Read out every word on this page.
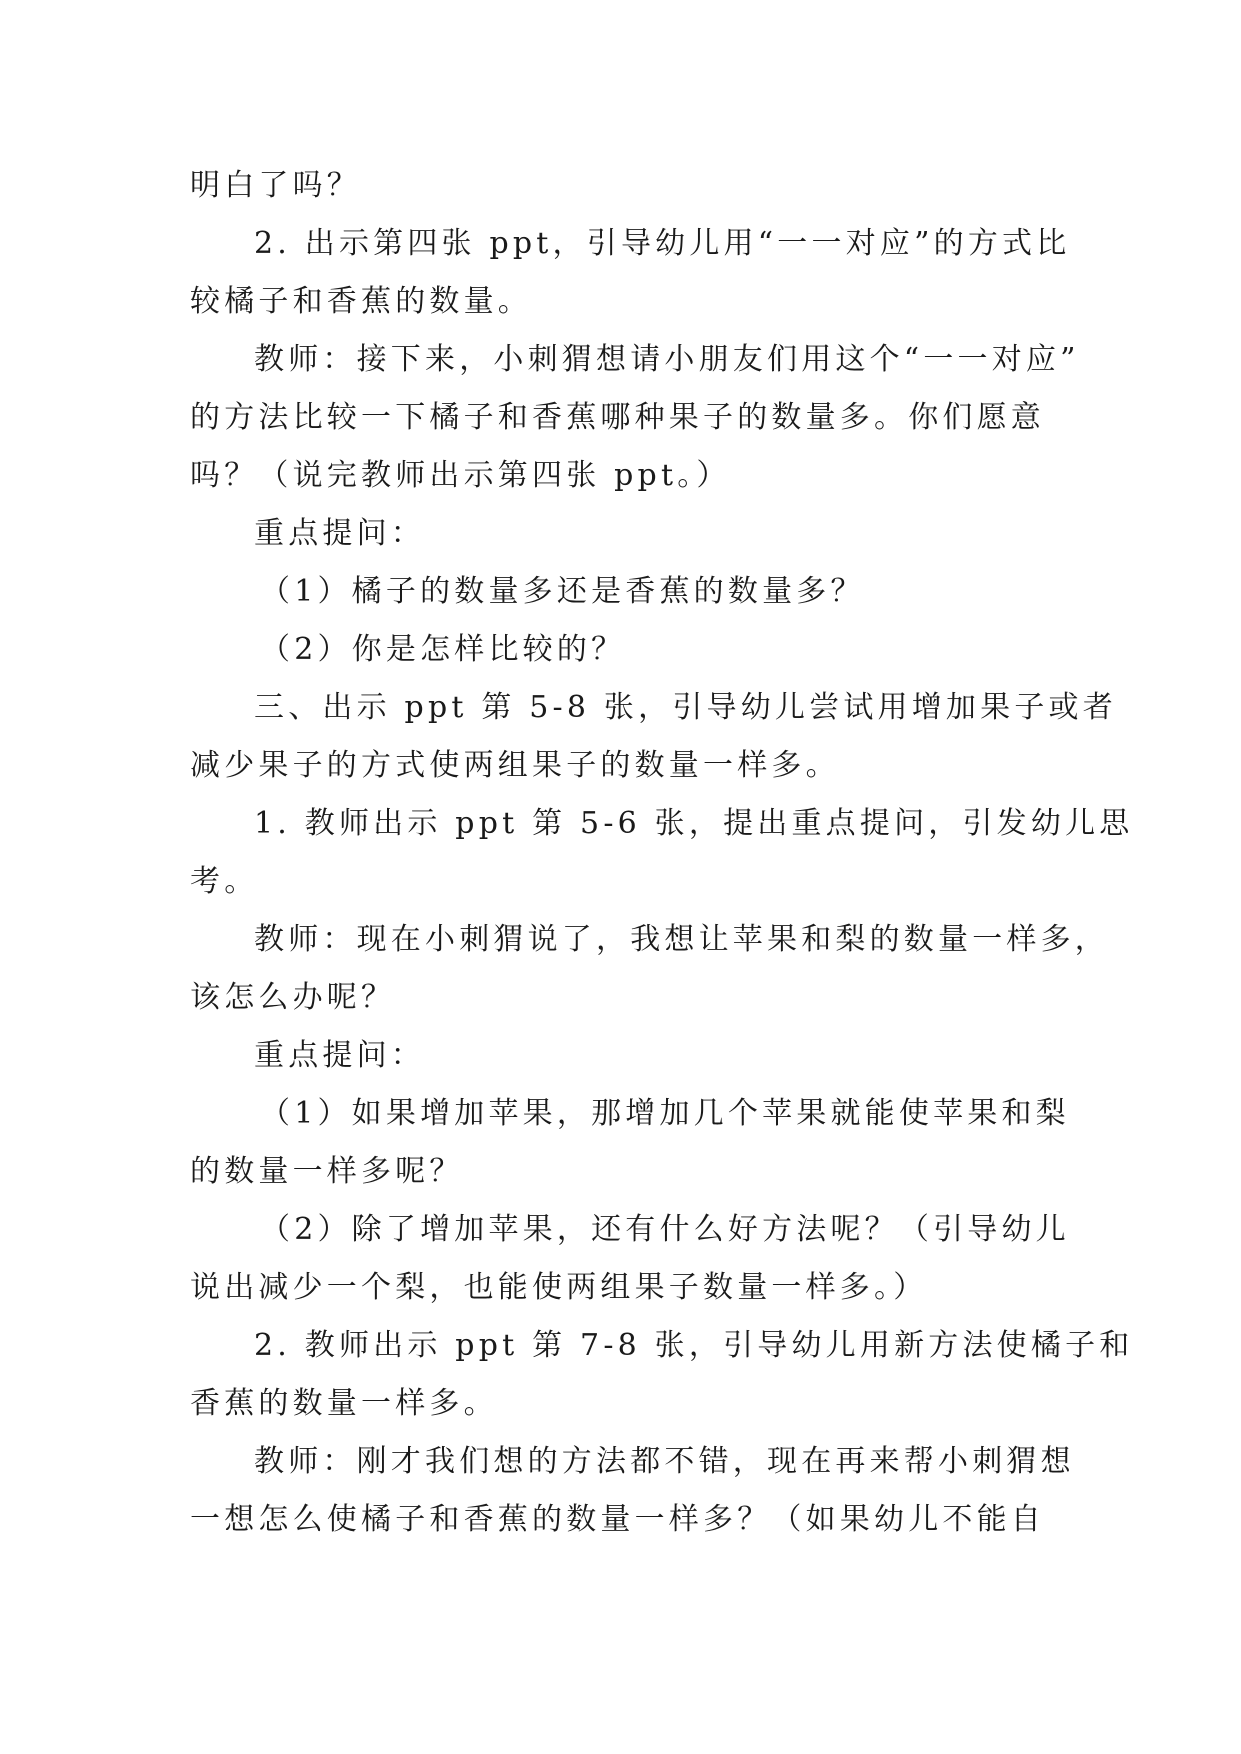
明白了吗？
2. 出示第四张 ppt，引导幼儿用“一一对应”的方式比
较橘子和香蕉的数量。
教师：接下来，小刺猬想请小朋友们用这个“一一对应”
的方法比较一下橘子和香蕉哪种果子的数量多。你们愿意
吗？（说完教师出示第四张 ppt。）
重点提问：
（1）橘子的数量多还是香蕉的数量多？
（2）你是怎样比较的？
三、出示 ppt 第 5-8 张，引导幼儿尝试用增加果子或者
减少果子的方式使两组果子的数量一样多。
1. 教师出示 ppt 第 5-6 张，提出重点提问，引发幼儿思
考。
教师：现在小刺猬说了，我想让苹果和梨的数量一样多，
该怎么办呢？
重点提问：
（1）如果增加苹果，那增加几个苹果就能使苹果和梨
的数量一样多呢？
（2）除了增加苹果，还有什么好方法呢？（引导幼儿
说出减少一个梨，也能使两组果子数量一样多。）
2. 教师出示 ppt 第 7-8 张，引导幼儿用新方法使橘子和
香蕉的数量一样多。
教师：刚才我们想的方法都不错，现在再来帮小刺猬想
一想怎么使橘子和香蕉的数量一样多？（如果幼儿不能自
